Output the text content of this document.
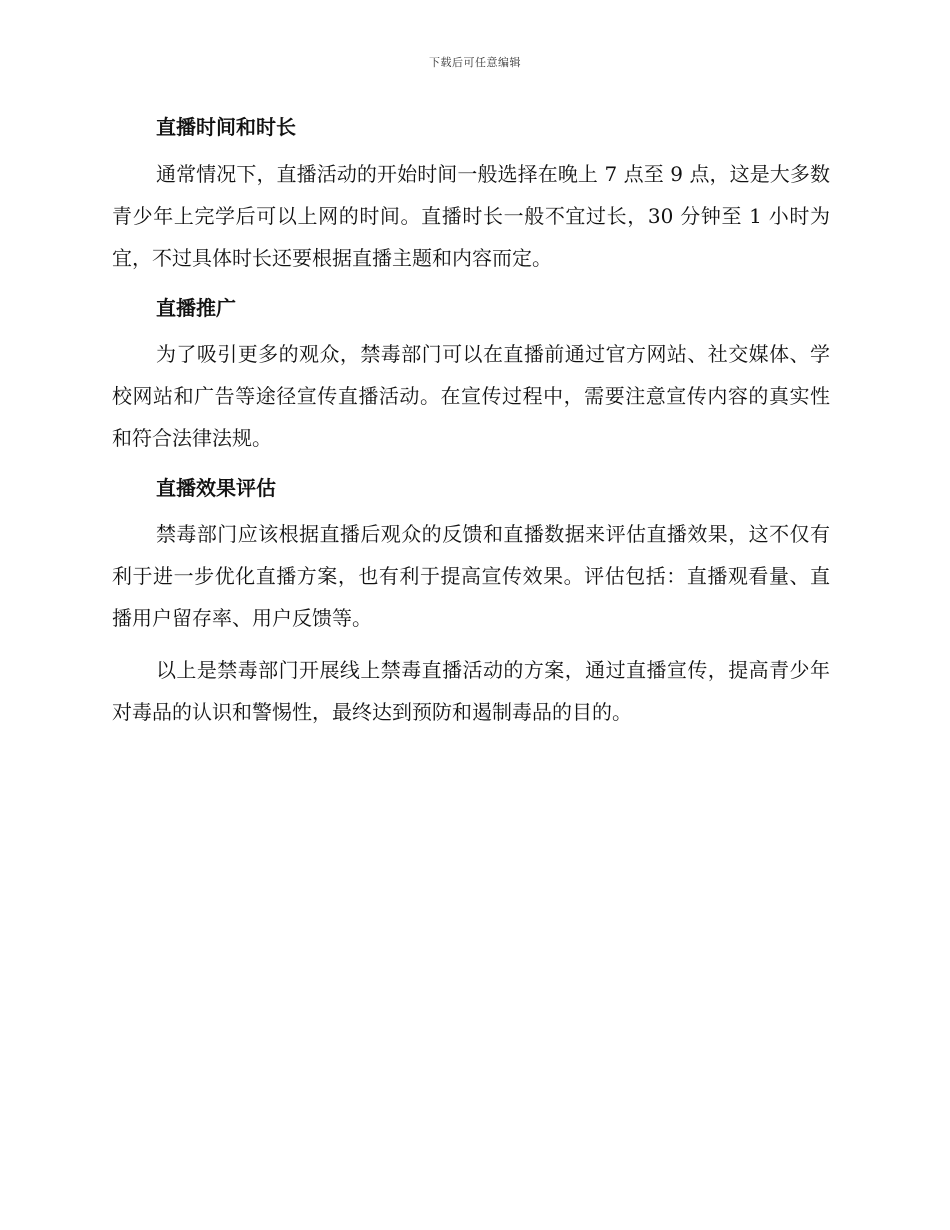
下载后可任意编辑
直播时间和时长

通常情况下，直播活动的开始时间一般选择在晚上 7 点至 9 点，这是大多数青少年上完学后可以上网的时间。直播时长一般不宜过长，30 分钟至 1 小时为宜，不过具体时长还要根据直播主题和内容而定。

直播推广

为了吸引更多的观众，禁毒部门可以在直播前通过官方网站、社交媒体、学校网站和广告等途径宣传直播活动。在宣传过程中，需要注意宣传内容的真实性和符合法律法规。

直播效果评估

禁毒部门应该根据直播后观众的反馈和直播数据来评估直播效果，这不仅有利于进一步优化直播方案，也有利于提高宣传效果。评估包括：直播观看量、直播用户留存率、用户反馈等。

以上是禁毒部门开展线上禁毒直播活动的方案，通过直播宣传，提高青少年对毒品的认识和警惕性，最终达到预防和遏制毒品的目的。
